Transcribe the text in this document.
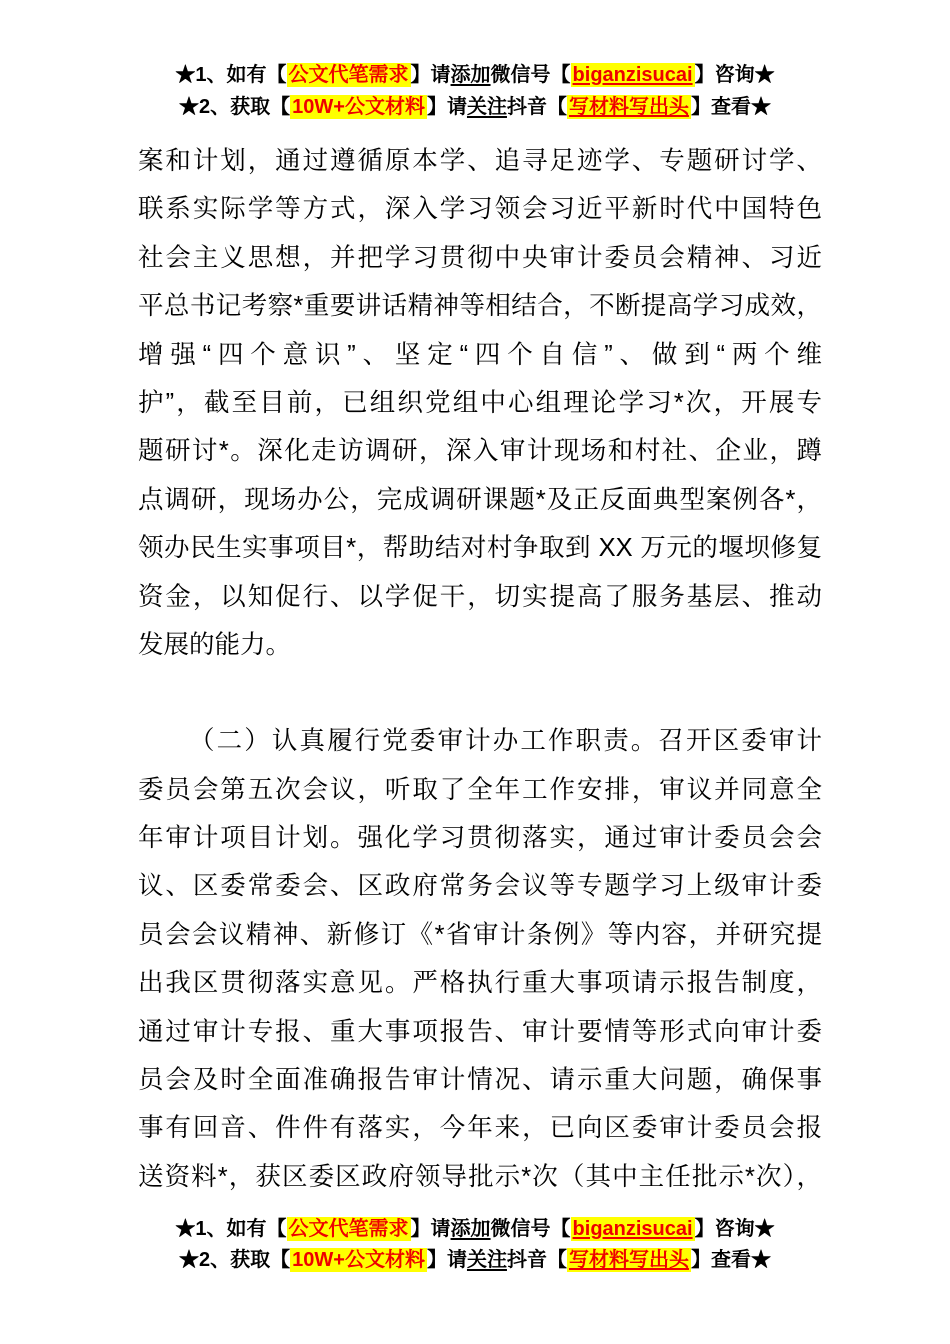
★1、如有【 公文代笔需求 】请添加微信号【 biganzisucai 】咨询★
★2、获取【 10W+公文材料 】请关注抖音【 写材料写出头 】查看★
案和计划，通过遵循原本学、追寻足迹学、专题研讨学、
联系实际学等方式，深入学习领会习近平新时代中国特色
社会主义思想，并把学习贯彻中央审计委员会精神、习近
平总书记考察*重要讲话精神等相结合，不断提高学习成效，
增强“四个意识”、坚定“四个自信”、做到“两个维
护”，截至目前，已组织党组中心组理论学习*次，开展专
题研讨*。深化走访调研，深入审计现场和村社、企业，蹲
点调研，现场办公，完成调研课题*及正反面典型案例各*，
领办民生实事项目*，帮助结对村争取到 XX 万元的堰坝修复
资金，以知促行、以学促干，切实提高了服务基层、推动
发展的能力。
（二）认真履行党委审计办工作职责。召开区委审计
委员会第五次会议，听取了全年工作安排，审议并同意全
年审计项目计划。强化学习贯彻落实，通过审计委员会会
议、区委常委会、区政府常务会议等专题学习上级审计委
员会会议精神、新修订《*省审计条例》等内容，并研究提
出我区贯彻落实意见。严格执行重大事项请示报告制度，
通过审计专报、重大事项报告、审计要情等形式向审计委
员会及时全面准确报告审计情况、请示重大问题，确保事
事有回音、件件有落实，今年来，已向区委审计委员会报
送资料*，获区委区政府领导批示*次（其中主任批示*次），
★1、如有【 公文代笔需求 】请添加微信号【 biganzisucai 】咨询★
★2、获取【 10W+公文材料 】请关注抖音【 写材料写出头 】查看★
